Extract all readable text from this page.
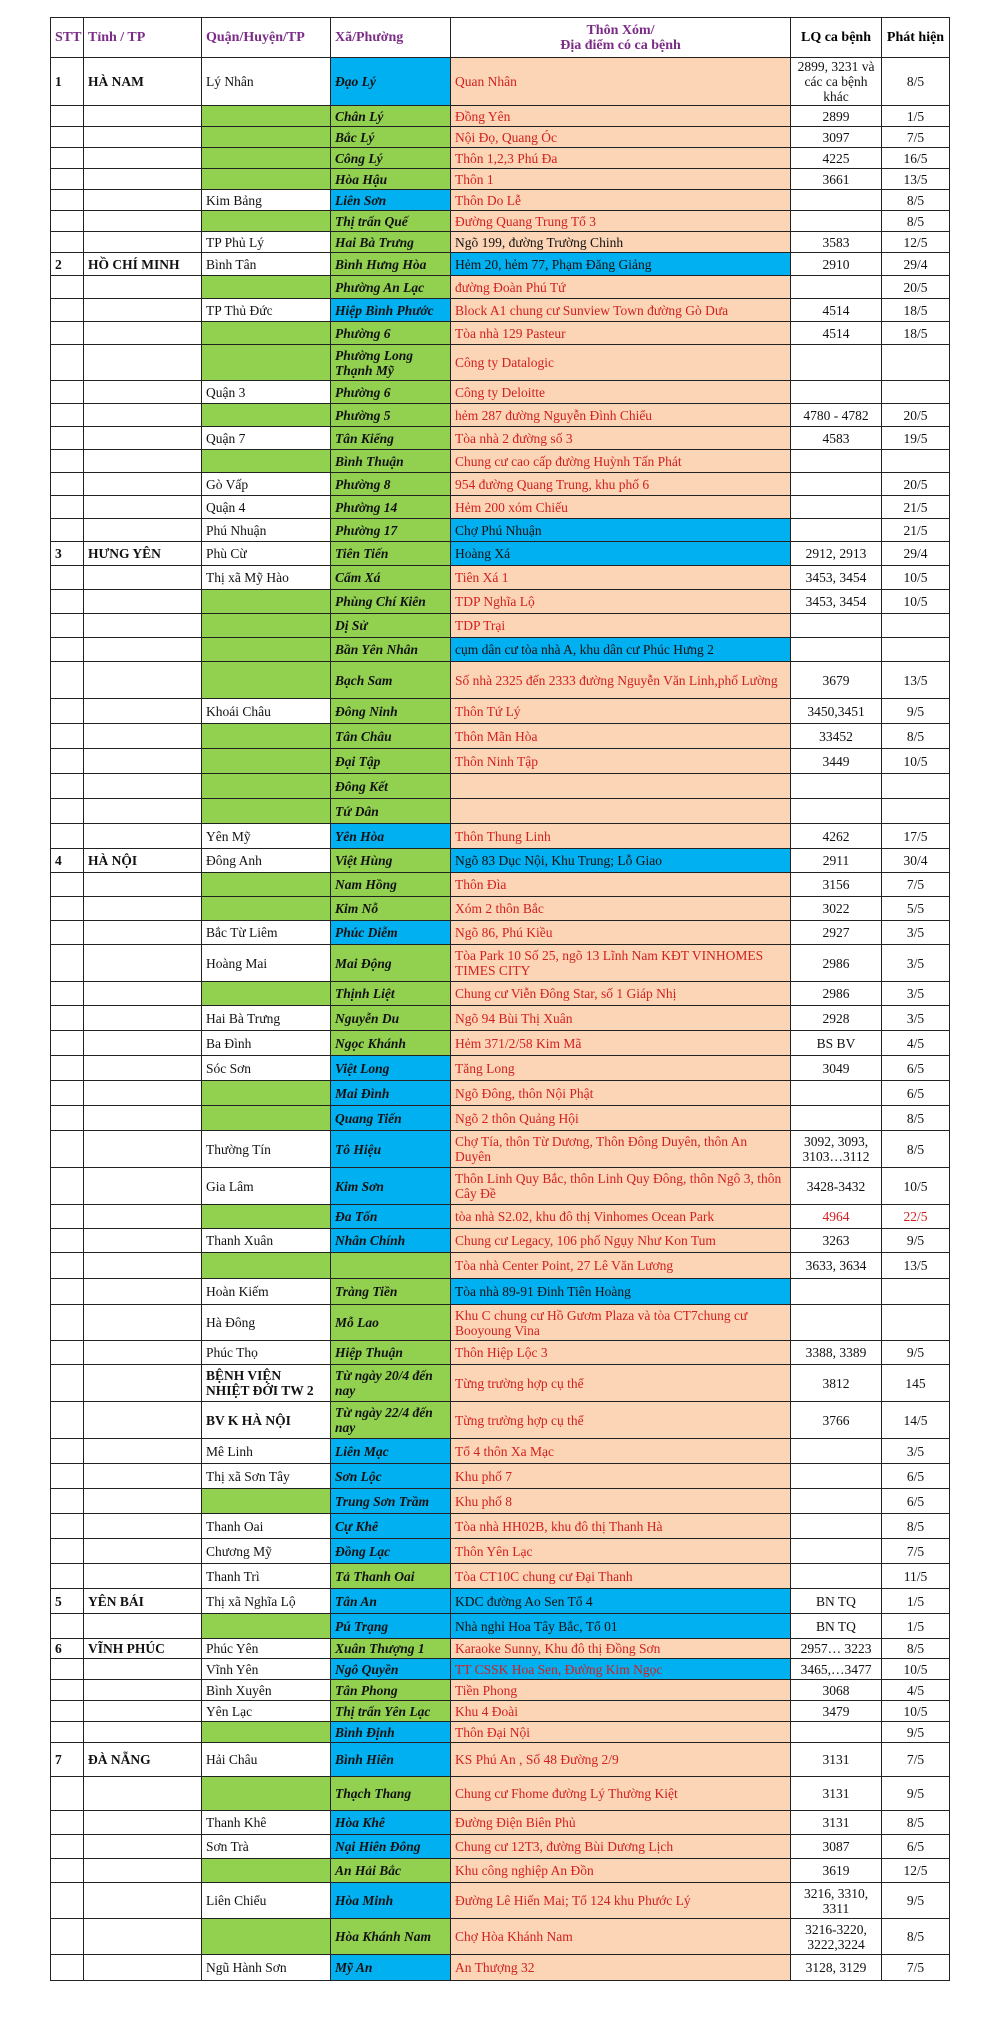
STT	Tỉnh / TP	Quận/Huyện/TP	Xã/Phường	Thôn Xóm/
Địa điểm có ca bệnh	LQ ca bệnh	Phát hiện
1	HÀ NAM	Lý Nhân	Đạo Lý	Quan Nhân	2899, 3231 và các ca bệnh khác	8/5
			Chân Lý	Đồng Yên	2899	1/5
			Bắc Lý	Nội Đọ, Quang Óc	3097	7/5
			Công Lý	Thôn 1,2,3 Phú Đa	4225	16/5
			Hòa Hậu	Thôn 1	3661	13/5
		Kim Bảng	Liên Sơn	Thôn Do Lễ		8/5
			Thị trấn Quế	Đường Quang Trung Tổ 3		8/5
		TP Phủ Lý	Hai Bà Trưng	Ngõ 199, đường Trường Chinh	3583	12/5
2	HỒ CHÍ MINH	Bình Tân	Bình Hưng Hòa	Hẻm 20, hẻm 77, Phạm Đăng Giảng	2910	29/4
			Phường An Lạc	đường Đoàn Phú Tứ		20/5
		TP Thủ Đức	Hiệp Bình Phước	Block A1 chung cư Sunview Town đường Gò Dưa	4514	18/5
			Phường 6	Tòa nhà 129 Pasteur	4514	18/5
			Phường Long Thạnh Mỹ	Công ty Datalogic		
		Quận 3	Phường 6	Công ty Deloitte		
			Phường 5	hẻm 287 đường Nguyễn Đình Chiểu	4780 - 4782	20/5
		Quận 7	Tân Kiểng	Tòa nhà 2 đường số 3	4583	19/5
			Bình Thuận	Chung cư cao cấp đường Huỳnh Tấn Phát		
		Gò Vấp	Phường 8	954 đường Quang Trung, khu phố 6		20/5
		Quận 4	Phường 14	Hẻm 200 xóm Chiếu		21/5
		Phú Nhuận	Phường 17	Chợ Phú Nhuận		21/5
3	HƯNG YÊN	Phù Cừ	Tiên Tiến	Hoàng Xá	2912, 2913	29/4
		Thị xã Mỹ Hào	Cẩm Xá	Tiên Xá 1	3453, 3454	10/5
			Phùng Chí Kiên	TDP Nghĩa Lộ	3453, 3454	10/5
			Dị Sử	TDP Trại		
			Bần Yên Nhân	cụm dân cư tòa nhà A, khu dân cư Phúc Hưng 2		
			Bạch Sam	Số nhà 2325 đến 2333 đường Nguyễn Văn Linh,phố Lường	3679	13/5
		Khoái Châu	Đông Ninh	Thôn Tứ Lý	3450,3451	9/5
			Tân Châu	Thôn Mãn Hòa	33452	8/5
			Đại Tập	Thôn Ninh Tập	3449	10/5
			Đông Kết			
			Tứ Dân			
		Yên Mỹ	Yên Hòa	Thôn Thung Linh	4262	17/5
4	HÀ NỘI	Đông Anh	Việt Hùng	Ngõ 83 Dục Nội, Khu Trung; Lỗ Giao	2911	30/4
			Nam Hồng	Thôn Đìa	3156	7/5
			Kim Nỗ	Xóm 2 thôn Bắc	3022	5/5
		Bắc Từ Liêm	Phúc Diễm	Ngõ 86, Phú Kiều	2927	3/5
		Hoàng Mai	Mai Động	Tòa Park 10 Số 25, ngõ 13 Lĩnh Nam KĐT VINHOMES TIMES CITY	2986	3/5
			Thịnh Liệt	Chung cư Viễn Đông Star, số 1 Giáp Nhị	2986	3/5
		Hai Bà Trưng	Nguyễn Du	Ngõ 94 Bùi Thị Xuân	2928	3/5
		Ba Đình	Ngọc Khánh	Hẻm 371/2/58 Kim Mã	BS BV	4/5
		Sóc Sơn	Việt Long	Tăng Long	3049	6/5
			Mai Đình	Ngõ Đông, thôn Nội Phật		6/5
			Quang Tiến	Ngõ 2 thôn Quảng Hội		8/5
		Thường Tín	Tô Hiệu	Chợ Tía, thôn Từ Dương, Thôn Đông Duyên, thôn An Duyên	3092, 3093, 3103…3112	8/5
		Gia Lâm	Kim Sơn	Thôn Linh Quy Bắc, thôn Linh Quy Đông, thôn Ngô 3, thôn Cây Đề	3428-3432	10/5
			Đa Tốn	tòa nhà S2.02, khu đô thị Vinhomes Ocean Park	4964	22/5
		Thanh Xuân	Nhân Chính	Chung cư Legacy, 106 phố Ngụy Như Kon Tum	3263	9/5
				Tòa nhà Center Point, 27 Lê Văn Lương	3633, 3634	13/5
		Hoàn Kiếm	Tràng Tiền	Tòa nhà 89-91 Đinh Tiên Hoàng		
		Hà Đông	Mỗ Lao	Khu C chung cư Hồ Gươm Plaza và tòa CT7chung cư Booyoung Vina		
		Phúc Thọ	Hiệp Thuận	Thôn Hiệp Lộc 3	3388, 3389	9/5
		BỆNH VIỆN NHIỆT ĐỚI TW 2	Từ ngày 20/4 đến nay	Từng trường hợp cụ thể	3812	145
		BV K HÀ NỘI	Từ ngày 22/4 đến nay	Từng trường hợp cụ thể	3766	14/5
		Mê Linh	Liên Mạc	Tổ 4 thôn Xa Mạc		3/5
		Thị xã Sơn Tây	Sơn Lộc	Khu phố 7		6/5
			Trung Sơn Trầm	Khu phố 8		6/5
		Thanh Oai	Cự Khê	Tòa nhà HH02B, khu đô thị Thanh Hà		8/5
		Chương Mỹ	Đồng Lạc	Thôn Yên Lạc		7/5
		Thanh Trì	Tả Thanh Oai	Tòa CT10C chung cư Đại Thanh		11/5
5	YÊN BÁI	Thị xã Nghĩa Lộ	Tân An	KDC đường Ao Sen Tổ 4	BN TQ	1/5
			Pú Trạng	Nhà nghỉ Hoa Tây Bắc, Tổ 01	BN TQ	1/5
6	VĨNH PHÚC	Phúc Yên	Xuân Thượng 1	Karaoke Sunny, Khu đô thị Đồng Sơn	2957… 3223	8/5
		Vĩnh Yên	Ngô Quyền	TT CSSK Hoa Sen, Đường Kim Ngọc	3465,…3477	10/5
		Bình Xuyên	Tân Phong	Tiền Phong	3068	4/5
		Yên Lạc	Thị trấn Yên Lạc	Khu 4 Đoài	3479	10/5
			Bình Định	Thôn Đại Nội		9/5
7	ĐÀ NẴNG	Hải Châu	Bình Hiên	KS Phú An , Số 48 Đường 2/9	3131	7/5
			Thạch Thang	Chung cư Fhome đường Lý Thường Kiệt	3131	9/5
		Thanh Khê	Hòa Khê	Đường Điện Biên Phủ	3131	8/5
		Sơn Trà	Nại Hiên Đông	Chung cư 12T3, đường Bùi Dương Lịch	3087	6/5
			An Hải Bắc	Khu công nghiệp An Đồn	3619	12/5
		Liên Chiểu	Hòa Minh	Đường Lê Hiến Mai; Tổ 124 khu Phước Lý	3216, 3310, 3311	9/5
			Hòa Khánh Nam	Chợ Hòa Khánh Nam	3216-3220, 3222,3224	8/5
		Ngũ Hành Sơn	Mỹ An	An Thượng 32	3128, 3129	7/5
